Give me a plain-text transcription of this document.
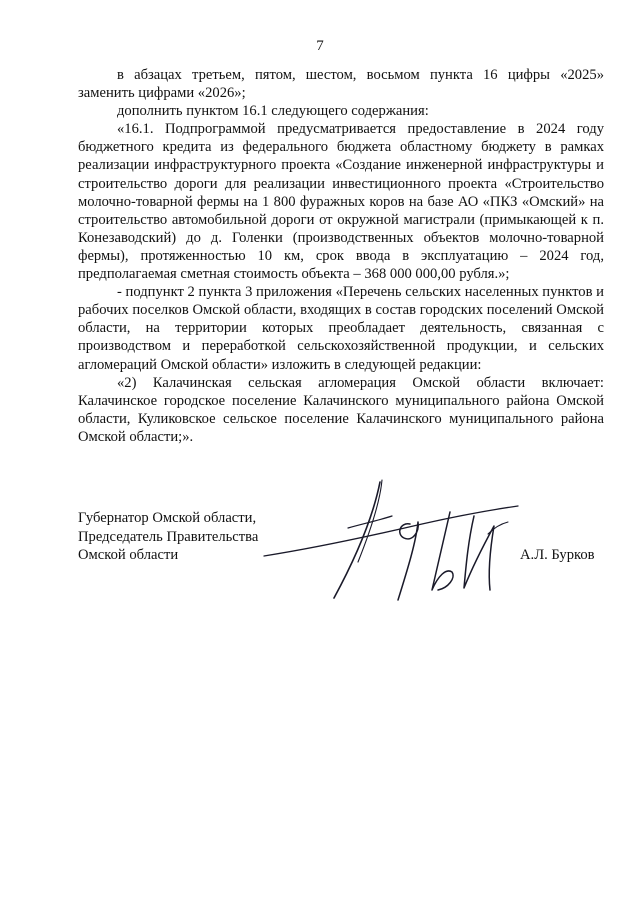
7

в абзацах третьем, пятом, шестом, восьмом пункта 16 цифры «2025» заменить цифрами «2026»;

дополнить пунктом 16.1 следующего содержания:

«16.1. Подпрограммой предусматривается предоставление в 2024 году бюджетного кредита из федерального бюджета областному бюджету в рамках реализации инфраструктурного проекта «Создание инженерной инфраструктуры и строительство дороги для реализации инвестиционного проекта «Строительство молочно-товарной фермы на 1 800 фуражных коров на базе АО «ПКЗ «Омский» на строительство автомобильной дороги от окружной магистрали (примыкающей к п. Конезаводский) до д. Голенки (производственных объектов молочно-товарной фермы), протяженностью 10 км, срок ввода в эксплуатацию – 2024 год, предполагаемая сметная стоимость объекта – 368 000 000,00 рубля.»;

- подпункт 2 пункта 3 приложения «Перечень сельских населенных пунктов и рабочих поселков Омской области, входящих в состав городских поселений Омской области, на территории которых преобладает деятельность, связанная с производством и переработкой сельскохозяйственной продукции, и сельских агломераций Омской области» изложить в следующей редакции:

«2) Калачинская сельская агломерация Омской области включает: Калачинское городское поселение Калачинского муниципального района Омской области, Куликовское сельское поселение Калачинского муниципального района Омской области;».

Губернатор Омской области,
Председатель Правительства
Омской области	А.Л. Бурков
